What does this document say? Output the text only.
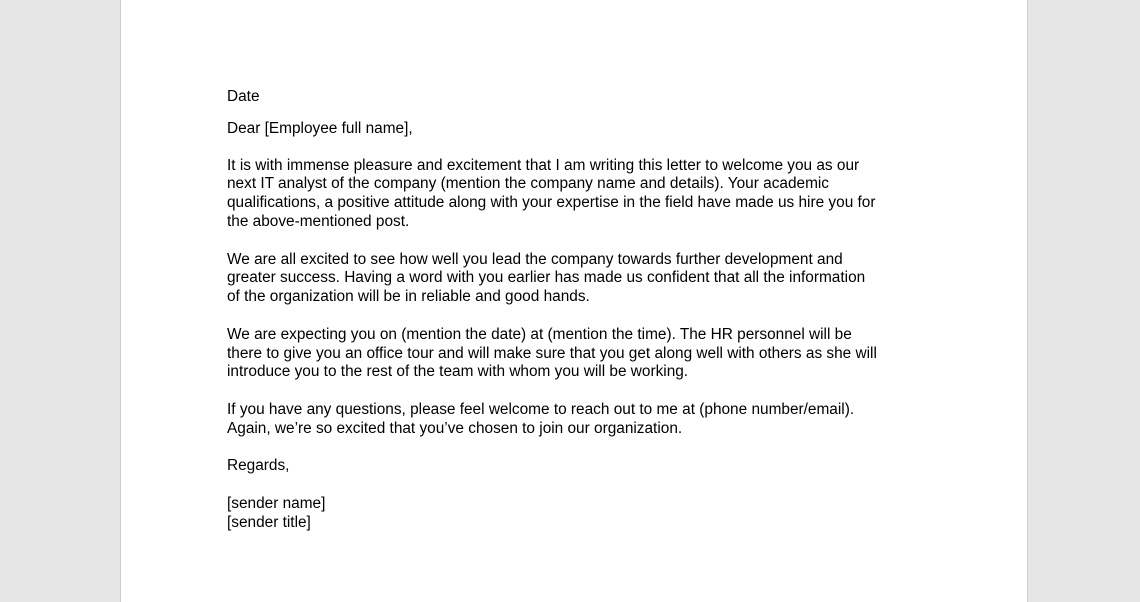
Date

Dear [Employee full name],

It is with immense pleasure and excitement that I am writing this letter to welcome you as our
next IT analyst of the company (mention the company name and details). Your academic
qualifications, a positive attitude along with your expertise in the field have made us hire you for
the above-mentioned post.

We are all excited to see how well you lead the company towards further development and
greater success. Having a word with you earlier has made us confident that all the information
of the organization will be in reliable and good hands.

We are expecting you on (mention the date) at (mention the time). The HR personnel will be
there to give you an office tour and will make sure that you get along well with others as she will
introduce you to the rest of the team with whom you will be working.

If you have any questions, please feel welcome to reach out to me at (phone number/email).
Again, we’re so excited that you’ve chosen to join our organization.

Regards,

[sender name]
[sender title]
